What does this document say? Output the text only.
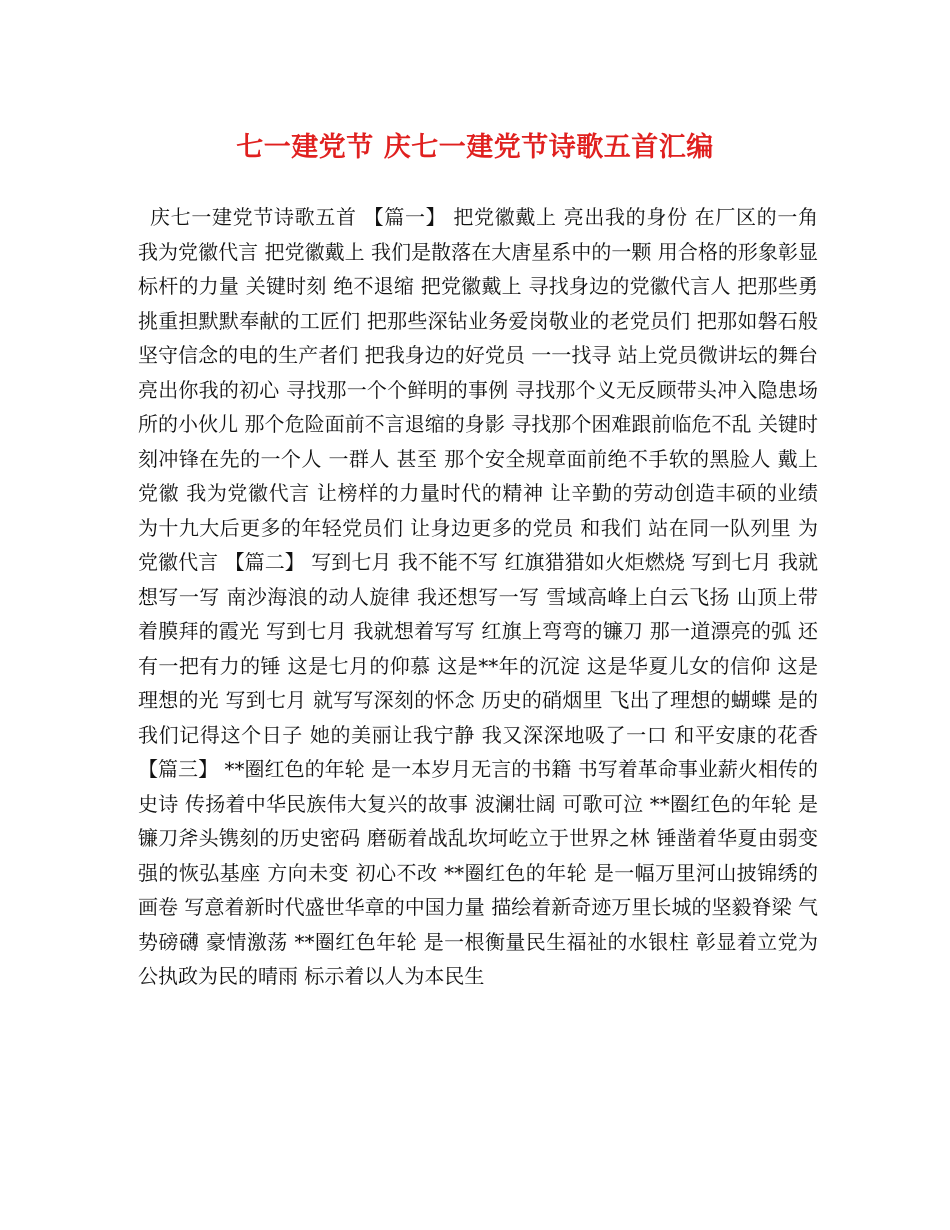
七一建党节 庆七一建党节诗歌五首汇编
庆七一建党节诗歌五首 【篇一】 把党徽戴上 亮出我的身份 在厂区的一角 我为党徽代言 把党徽戴上 我们是散落在大唐星系中的一颗 用合格的形象彰显标杆的力量 关键时刻 绝不退缩 把党徽戴上 寻找身边的党徽代言人 把那些勇挑重担默默奉献的工匠们 把那些深钻业务爱岗敬业的老党员们 把那如磐石般坚守信念的电的生产者们 把我身边的好党员 一一找寻 站上党员微讲坛的舞台 亮出你我的初心 寻找那一个个鲜明的事例 寻找那个义无反顾带头冲入隐患场所的小伙儿 那个危险面前不言退缩的身影 寻找那个困难跟前临危不乱 关键时刻冲锋在先的一个人 一群人 甚至 那个安全规章面前绝不手软的黑脸人 戴上党徽 我为党徽代言 让榜样的力量时代的精神 让辛勤的劳动创造丰硕的业绩 为十九大后更多的年轻党员们 让身边更多的党员 和我们 站在同一队列里 为党徽代言 【篇二】 写到七月 我不能不写 红旗猎猎如火炬燃烧 写到七月 我就想写一写 南沙海浪的动人旋律 我还想写一写 雪域高峰上白云飞扬 山顶上带着膜拜的霞光 写到七月 我就想着写写 红旗上弯弯的镰刀 那一道漂亮的弧 还有一把有力的锤 这是七月的仰慕 这是**年的沉淀 这是华夏儿女的信仰 这是理想的光 写到七月 就写写深刻的怀念 历史的硝烟里 飞出了理想的蝴蝶 是的 我们记得这个日子 她的美丽让我宁静 我又深深地吸了一口 和平安康的花香 【篇三】 **圈红色的年轮 是一本岁月无言的书籍 书写着革命事业薪火相传的史诗 传扬着中华民族伟大复兴的故事 波澜壮阔 可歌可泣 **圈红色的年轮 是镰刀斧头镌刻的历史密码 磨砺着战乱坎坷屹立于世界之林 锤凿着华夏由弱变强的恢弘基座 方向未变 初心不改 **圈红色的年轮 是一幅万里河山披锦绣的画卷 写意着新时代盛世华章的中国力量 描绘着新奇迹万里长城的坚毅脊梁 气势磅礴 豪情激荡 **圈红色年轮 是一根衡量民生福祉的水银柱 彰显着立党为公执政为民的晴雨 标示着以人为本民生
